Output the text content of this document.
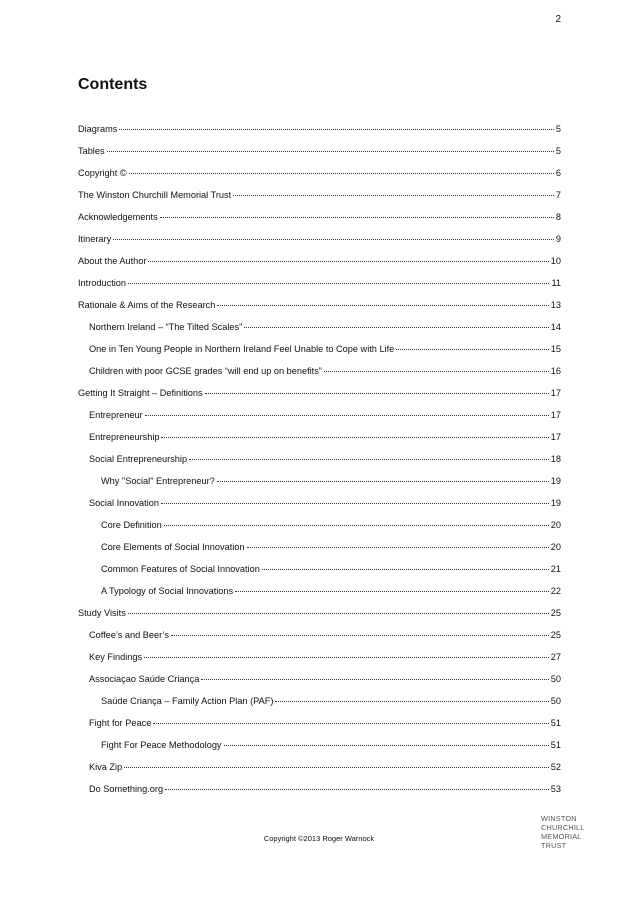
2
Contents
Diagrams	5
Tables	5
Copyright ©	6
The Winston Churchill Memorial Trust	7
Acknowledgements	8
Itinerary	9
About the Author	10
Introduction	11
Rationale & Aims of the Research	13
Northern Ireland – “The Tilted Scales”	14
One in Ten Young People in Northern Ireland Feel Unable to Cope with Life	15
Children with poor GCSE grades “will end up on benefits”	16
Getting It Straight – Definitions	17
Entrepreneur	17
Entrepreneurship	17
Social Entrepreneurship	18
Why "Social" Entrepreneur?	19
Social Innovation	19
Core Definition	20
Core Elements of Social Innovation	20
Common Features of Social Innovation	21
A Typology of Social Innovations	22
Study Visits	25
Coffee’s and Beer’s	25
Key Findings	27
Associaçao Saúde Criança	50
Saúde Criança – Family Action Plan (PAF)	50
Fight for Peace	51
Fight For Peace Methodology	51
Kiva Zip	52
Do Something.org	53
Copyright ©2013 Roger Warnock
WINSTON
CHURCHILL
MEMORIAL
TRUST
